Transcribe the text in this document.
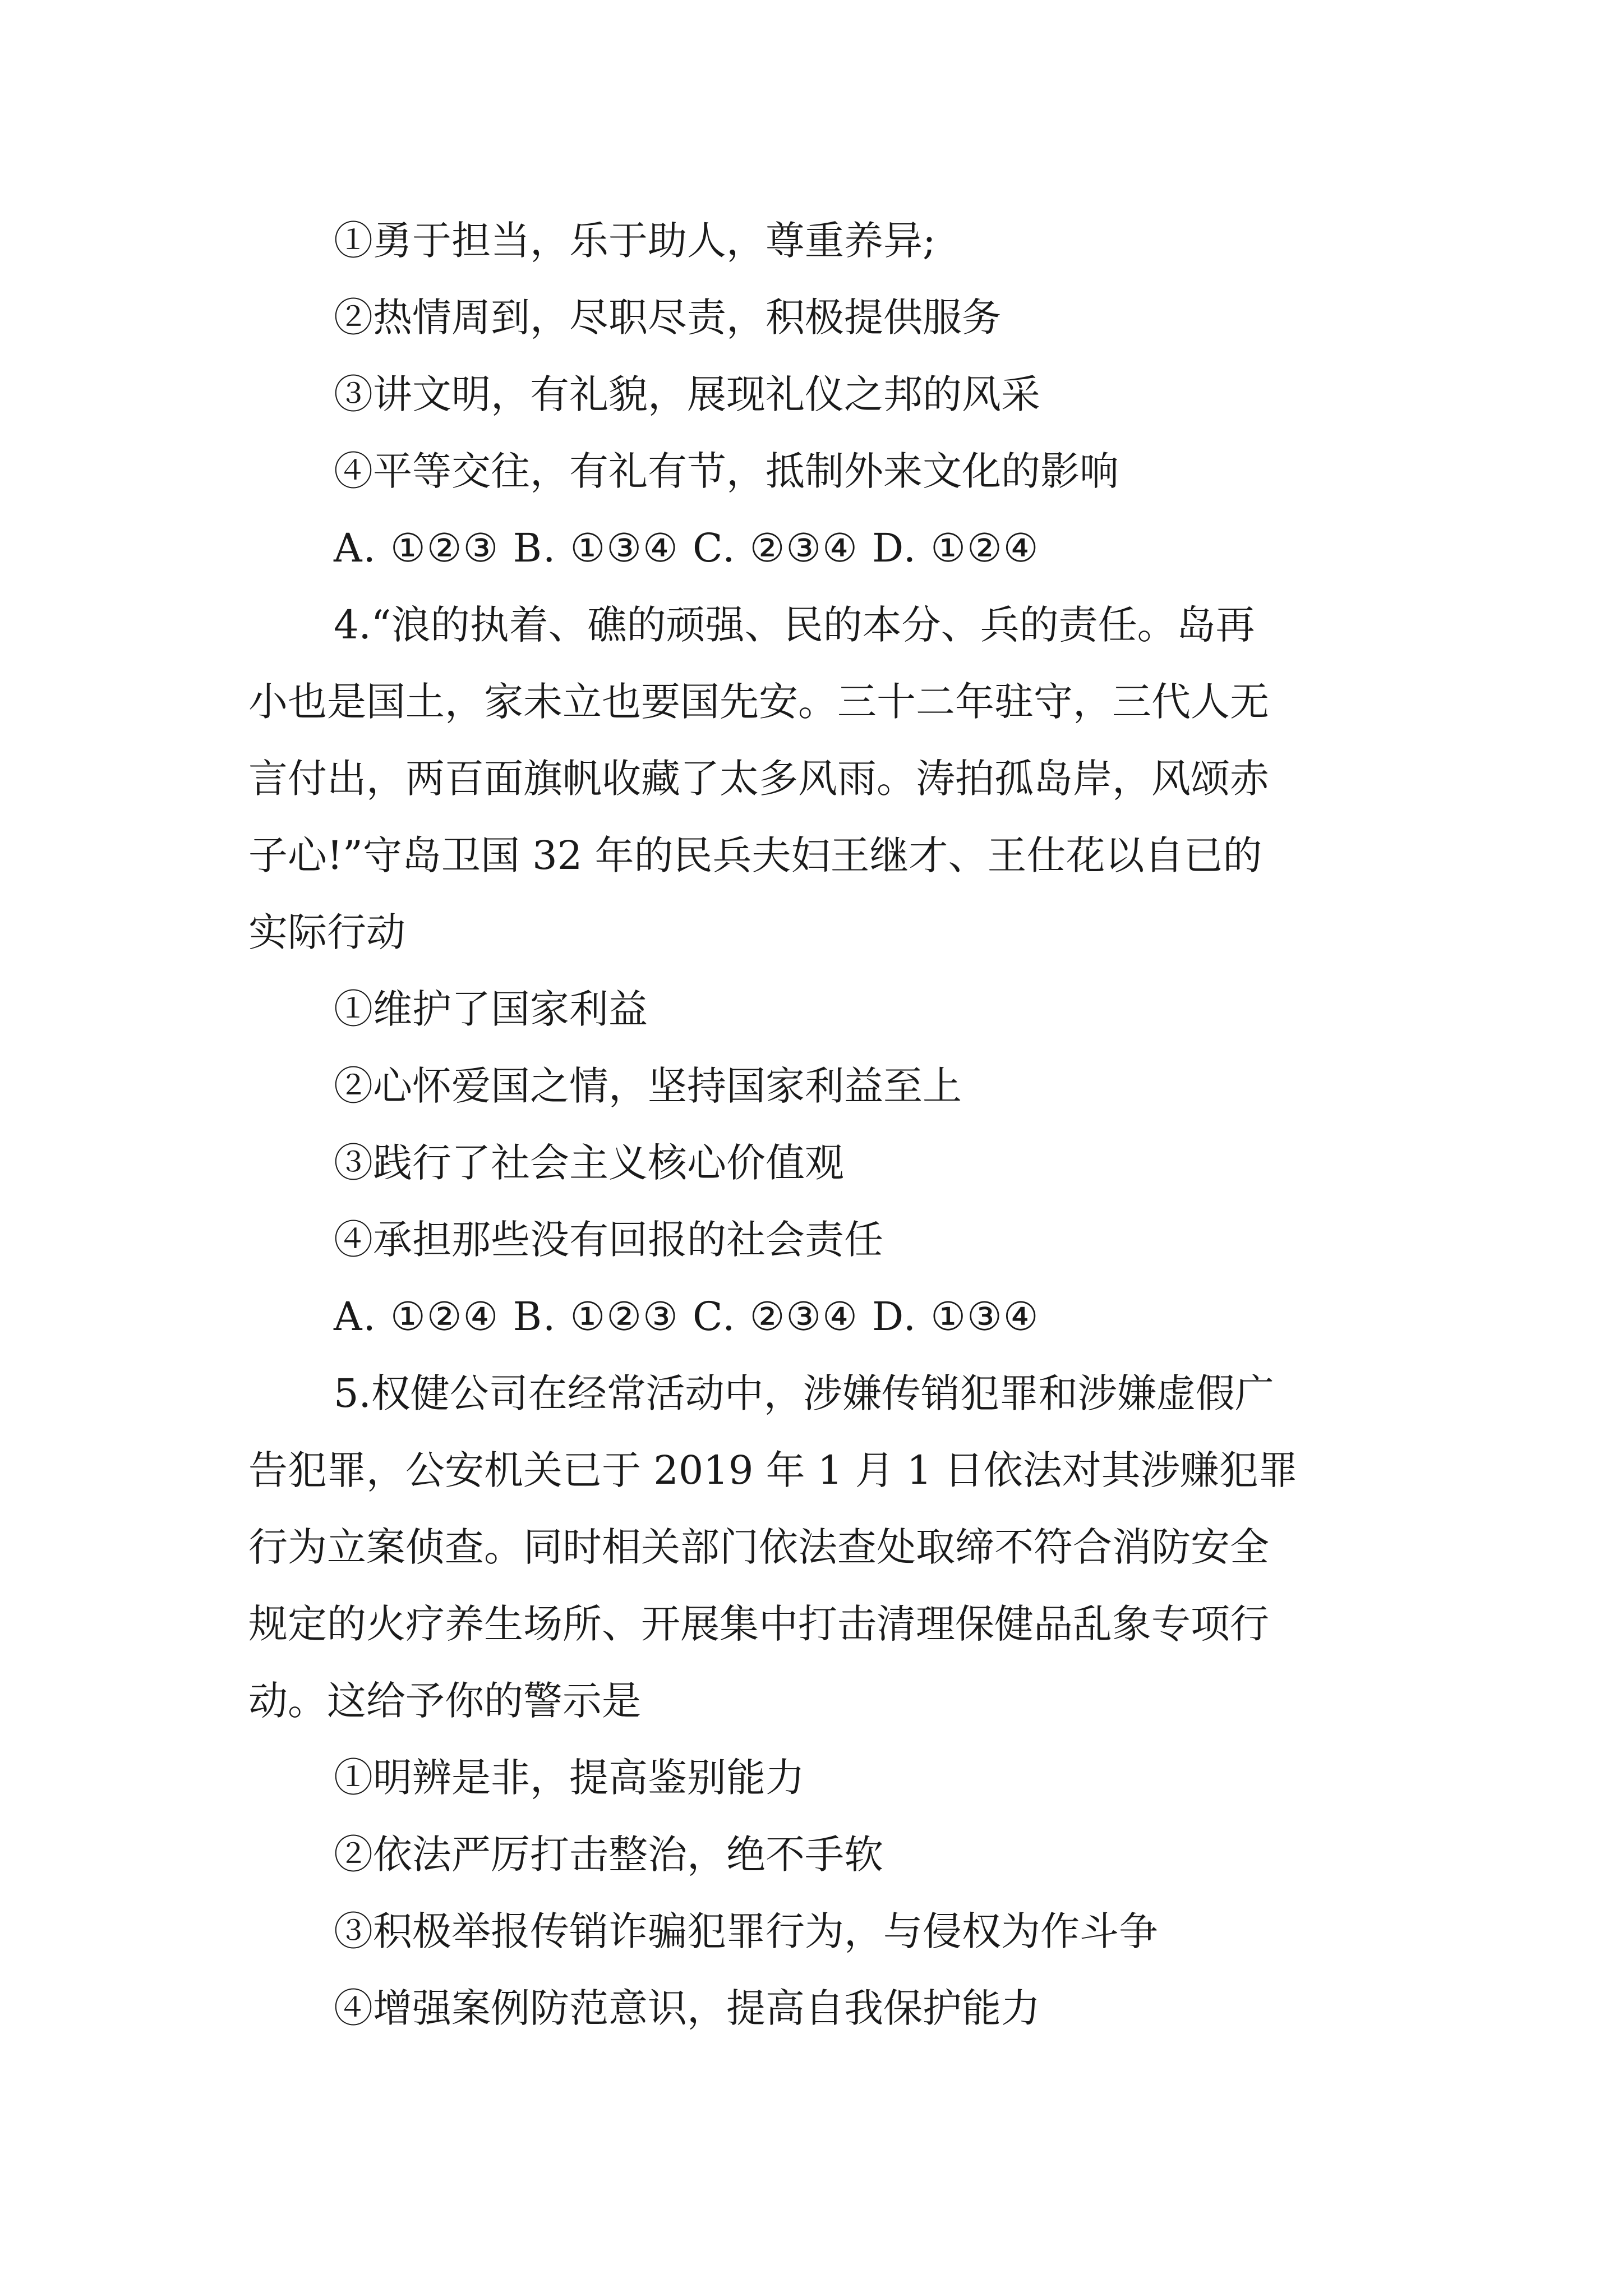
①勇于担当，乐于助人，尊重养异;
②热情周到，尽职尽责，积极提供服务
③讲文明，有礼貌，展现礼仪之邦的风采
④平等交往，有礼有节，抵制外来文化的影响
A. ①②③ B. ①③④ C. ②③④ D. ①②④
4.“浪的执着、礁的顽强、民的本分、兵的责任。岛再
小也是国土，家未立也要国先安。三十二年驻守，三代人无
言付出，两百面旗帆收藏了太多风雨。涛拍孤岛岸，风颂赤
子心!”守岛卫国 32 年的民兵夫妇王继才、王仕花以自已的
实际行动
①维护了国家利益
②心怀爱国之情，坚持国家利益至上
③践行了社会主义核心价值观
④承担那些没有回报的社会责任
A. ①②④ B. ①②③ C. ②③④ D. ①③④
5.权健公司在经常活动中，涉嫌传销犯罪和涉嫌虚假广
告犯罪，公安机关已于 2019 年 1 月 1 日依法对其涉赚犯罪
行为立案侦查。同时相关部门依法查处取缔不符合消防安全
规定的火疗养生场所、开展集中打击清理保健品乱象专项行
动。这给予你的警示是
①明辨是非，提高鉴别能力
②依法严厉打击整治，绝不手软
③积极举报传销诈骗犯罪行为，与侵权为作斗争
④增强案例防范意识，提高自我保护能力
